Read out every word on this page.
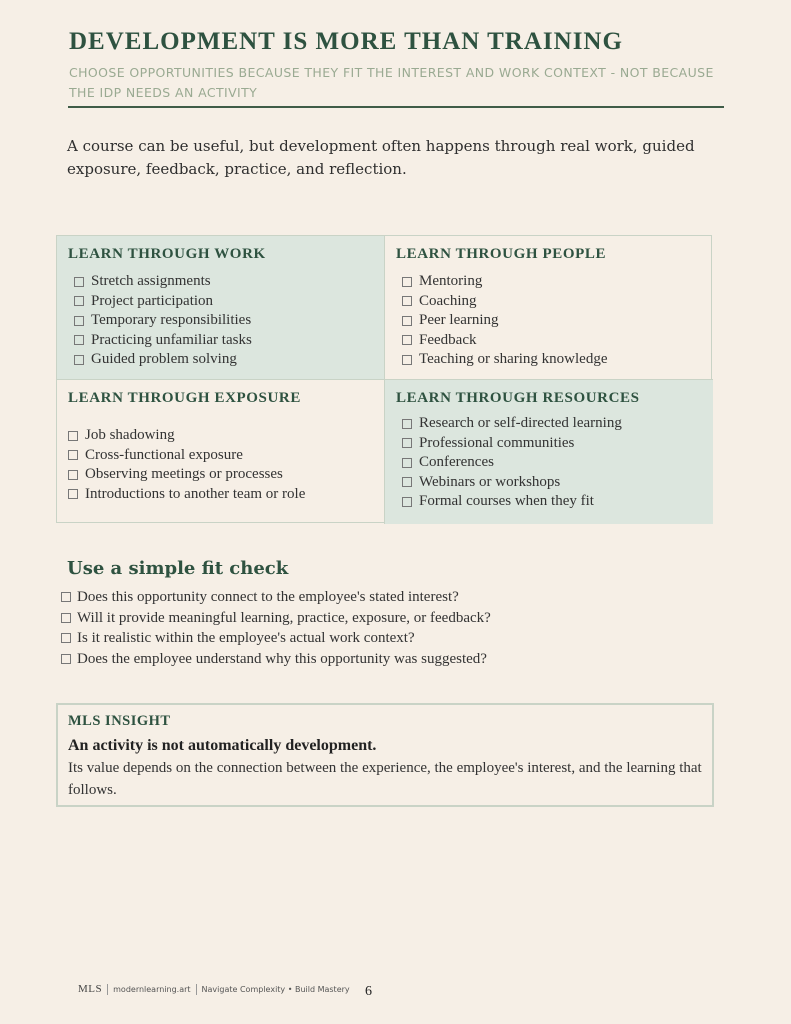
DEVELOPMENT IS MORE THAN TRAINING

CHOOSE OPPORTUNITIES BECAUSE THEY FIT THE INTEREST AND WORK CONTEXT - NOT BECAUSE THE IDP NEEDS AN ACTIVITY

A course can be useful, but development often happens through real work, guided exposure, feedback, practice, and reflection.

LEARN THROUGH WORK
Stretch assignments
Project participation
Temporary responsibilities
Practicing unfamiliar tasks
Guided problem solving
LEARN THROUGH PEOPLE
Mentoring
Coaching
Peer learning
Feedback
Teaching or sharing knowledge
LEARN THROUGH EXPOSURE
Job shadowing
Cross-functional exposure
Observing meetings or processes
Introductions to another team or role
LEARN THROUGH RESOURCES
Research or self-directed learning
Professional communities
Conferences
Webinars or workshops
Formal courses when they fit
Use a simple fit check
Does this opportunity connect to the employee's stated interest?
Will it provide meaningful learning, practice, exposure, or feedback?
Is it realistic within the employee's actual work context?
Does the employee understand why this opportunity was suggested?

MLS INSIGHT

An activity is not automatically development.

Its value depends on the connection between the experience, the employee's interest, and the learning that follows.

MLS modernlearning.art Navigate Complexity • Build Mastery 6
